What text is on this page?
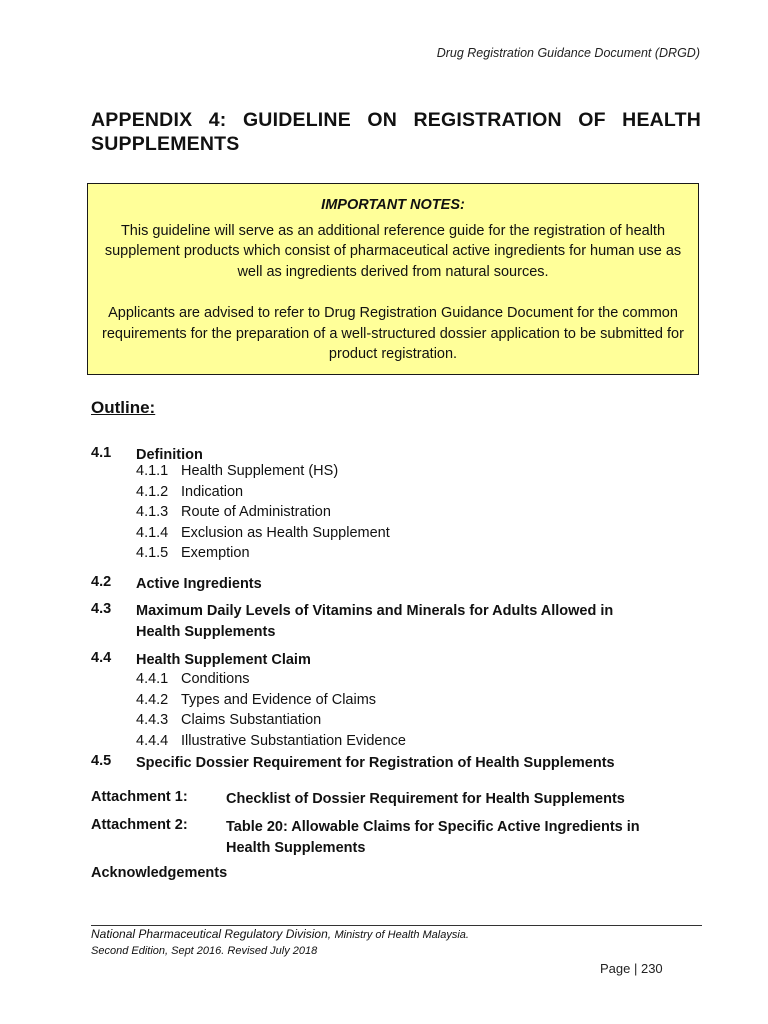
Drug Registration Guidance Document (DRGD)
APPENDIX 4: GUIDELINE ON REGISTRATION OF HEALTH
SUPPLEMENTS
IMPORTANT NOTES:
This guideline will serve as an additional reference guide for the registration of health supplement products which consist of pharmaceutical active ingredients for human use as well as ingredients derived from natural sources.
Applicants are advised to refer to Drug Registration Guidance Document for the common requirements for the preparation of a well-structured dossier application to be submitted for product registration.
Outline:
4.1 Definition
4.1.1 Health Supplement (HS)
4.1.2 Indication
4.1.3 Route of Administration
4.1.4 Exclusion as Health Supplement
4.1.5 Exemption
4.2 Active Ingredients
4.3 Maximum Daily Levels of Vitamins and Minerals for Adults Allowed in Health Supplements
4.4 Health Supplement Claim
4.4.1 Conditions
4.4.2 Types and Evidence of Claims
4.4.3 Claims Substantiation
4.4.4 Illustrative Substantiation Evidence
4.5 Specific Dossier Requirement for Registration of Health Supplements
Attachment 1:	Checklist of Dossier Requirement for Health Supplements
Attachment 2:	Table 20: Allowable Claims for Specific Active Ingredients in Health Supplements
Acknowledgements
National Pharmaceutical Regulatory Division, Ministry of Health Malaysia.
Second Edition, Sept 2016. Revised July 2018
Page | 230
